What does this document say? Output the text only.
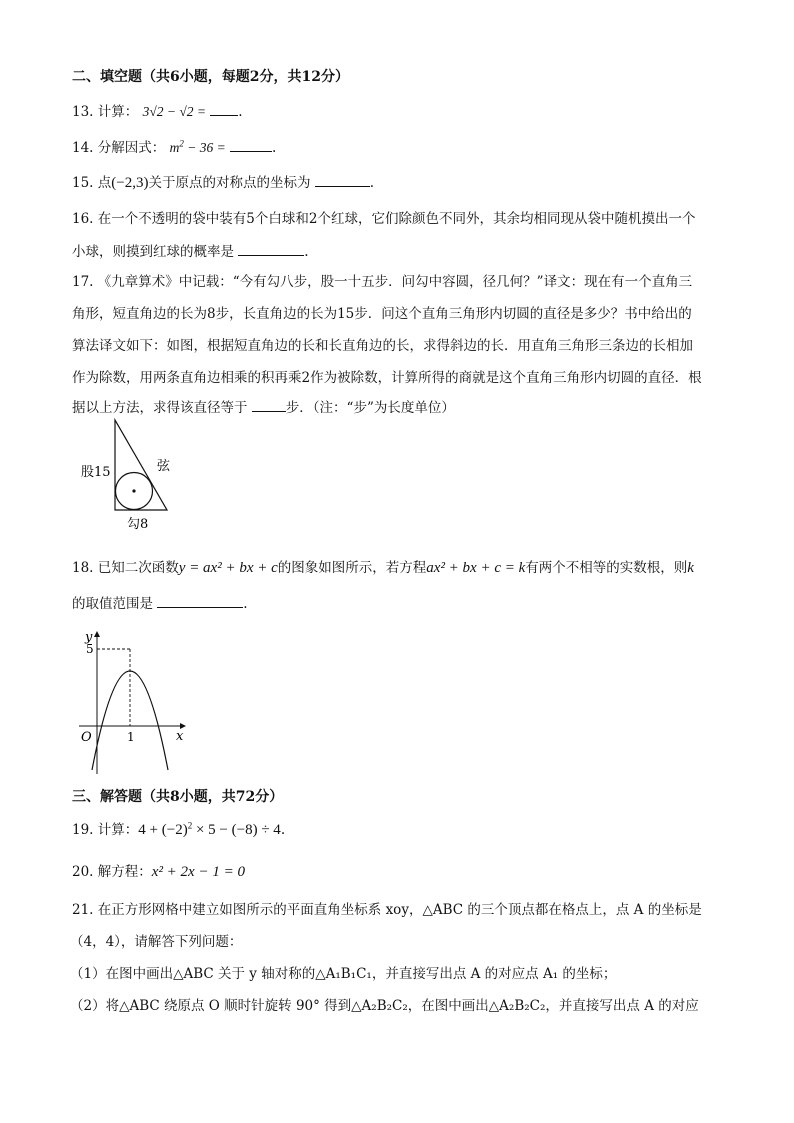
二、填空题（共6小题，每题2分，共12分）
13. 计算： 3√2 − √2 = .
14. 分解因式： $m^2 - 36$ =	.
15. 点(−2,3)关于原点的对称点的坐标为	.
16. 在一个不透明的袋中装有5个白球和2个红球，它们除颜色不同外，其余均相同现从袋中随机摸出一个
小球，则摸到红球的概率是	.
17. 《九章算术》中记载：“今有勾八步，股一十五步．问勾中容圆，径几何？”译文：现在有一个直角三
角形，短直角边的长为8步，长直角边的长为15步．问这个直角三角形内切圆的直径是多少？书中给出的
算法译文如下：如图，根据短直角边的长和长直角边的长，求得斜边的长．用直角三角形三条边的长相加
作为除数，用两条直角边相乘的积再乘2作为被除数，计算所得的商就是这个直角三角形内切圆的直径．根
据以上方法，求得该直径等于	步．（注：“步”为长度单位）
股15	弦
勾8
18. 已知二次函数y = ax² + bx + c的图象如图所示，若方程ax² + bx + c = k有两个不相等的实数根，则k
的取值范围是	.
y
x
O	1
5
三、解答题（共8小题，共72分）
19. 计算：$4 + (-2)^2 \times 5 - (-8) \div 4$.
20. 解方程：x² + 2x − 1 = 0
21. 在正方形网格中建立如图所示的平面直角坐标系 xoy，△ABC 的三个顶点都在格点上，点 A 的坐标是
（4，4），请解答下列问题：
（1）在图中画出△ABC 关于 y 轴对称的△A₁B₁C₁，并直接写出点 A 的对应点 A₁ 的坐标；
（2）将△ABC 绕原点 O 顺时针旋转 90° 得到△A₂B₂C₂，在图中画出△A₂B₂C₂，并直接写出点 A 的对应
